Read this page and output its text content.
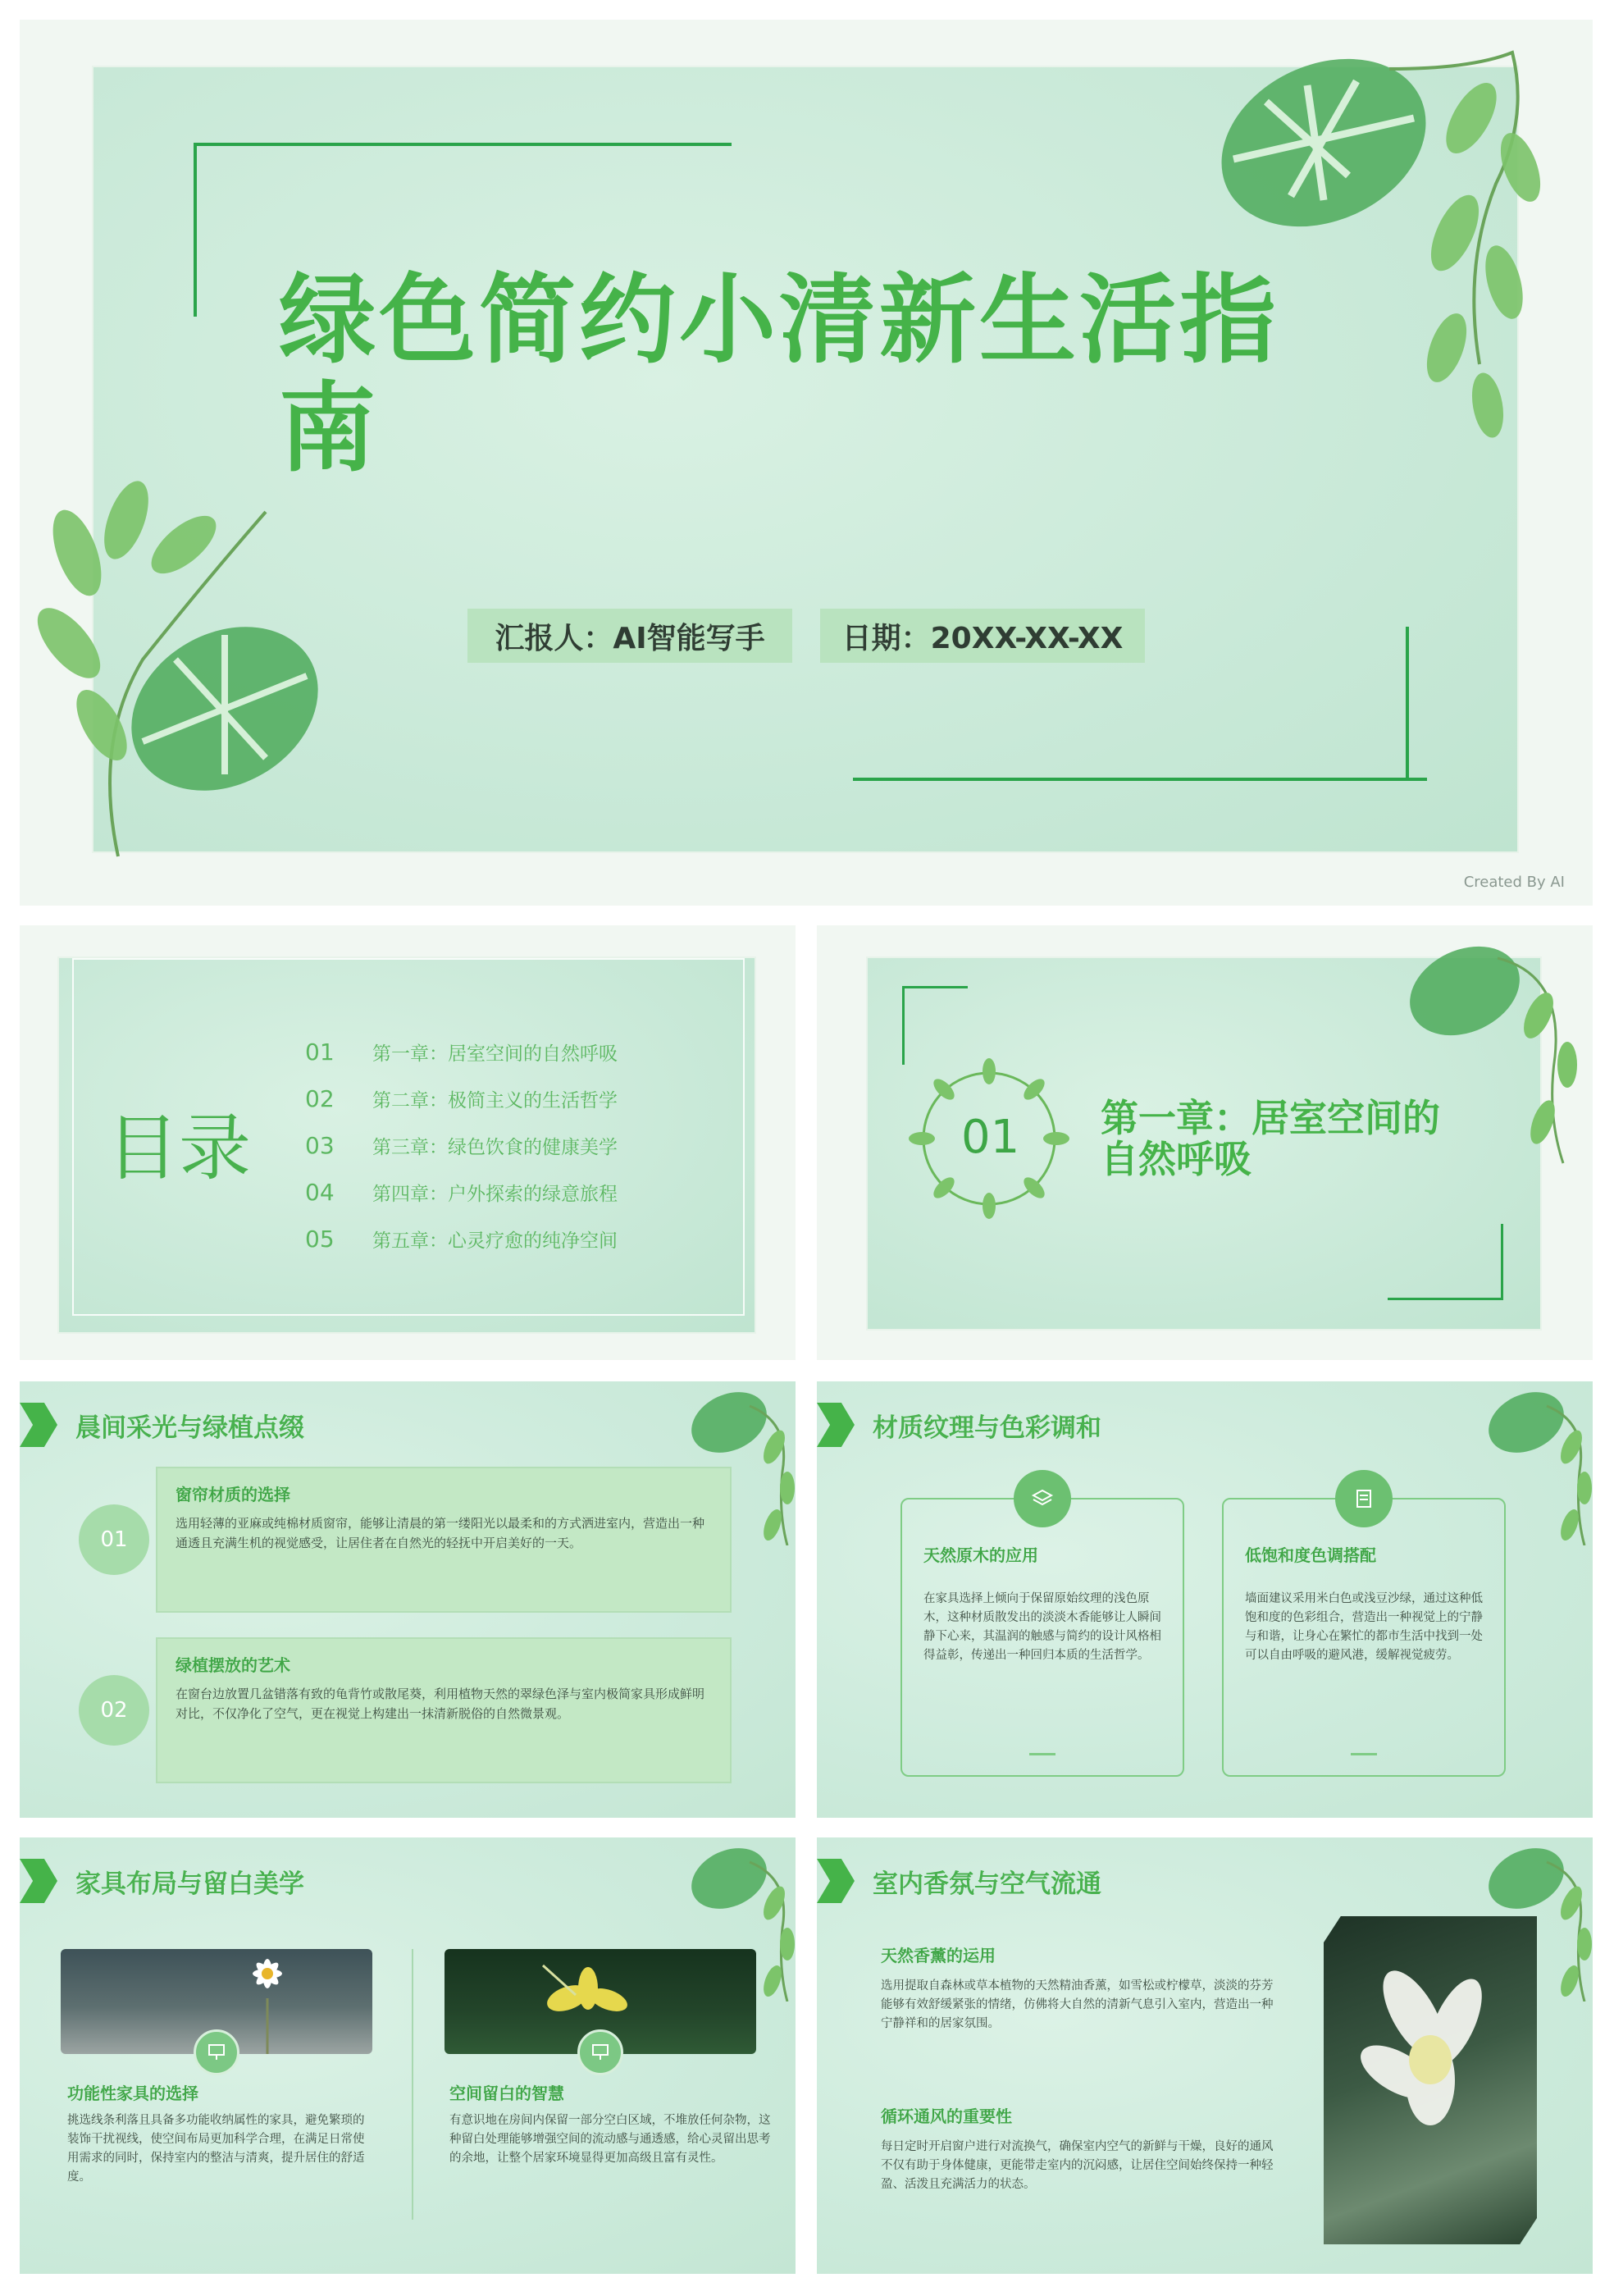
绿色简约小清新生活指南
汇报人：AI智能写手	日期：20XX-XX-XX
Created By AI
目录
01 第一章：居室空间的自然呼吸
02 第二章：极简主义的生活哲学
03 第三章：绿色饮食的健康美学
04 第四章：户外探索的绿意旅程
05 第五章：心灵疗愈的纯净空间
01 第一章：居室空间的
自然呼吸
晨间采光与绿植点缀
窗帘材质的选择

选用轻薄的亚麻或纯棉材质窗帘，能够让清晨的第一缕阳光以最柔和的方式洒进室内，营造出一种通透且充满生机的视觉感受，让居住者在自然光的轻抚中开启美好的一天。

01
绿植摆放的艺术

在窗台边放置几盆错落有致的龟背竹或散尾葵，利用植物天然的翠绿色泽与室内极简家具形成鲜明对比，不仅净化了空气，更在视觉上构建出一抹清新脱俗的自然微景观。

02
材质纹理与色彩调和
天然原木的应用

在家具选择上倾向于保留原始纹理的浅色原木，这种材质散发出的淡淡木香能够让人瞬间静下心来，其温润的触感与简约的设计风格相得益彰，传递出一种回归本质的生活哲学。

低饱和度色调搭配

墙面建议采用米白色或浅豆沙绿，通过这种低饱和度的色彩组合，营造出一种视觉上的宁静与和谐，让身心在繁忙的都市生活中找到一处可以自由呼吸的避风港，缓解视觉疲劳。

家具布局与留白美学
功能性家具的选择
挑选线条利落且具备多功能收纳属性的家具，避免繁琐的装饰干扰视线，使空间布局更加科学合理，在满足日常使用需求的同时，保持室内的整洁与清爽，提升居住的舒适度。
空间留白的智慧
有意识地在房间内保留一部分空白区域，不堆放任何杂物，这种留白处理能够增强空间的流动感与通透感，给心灵留出思考的余地，让整个居家环境显得更加高级且富有灵性。
室内香氛与空气流通
天然香薰的运用
选用提取自森林或草本植物的天然精油香薰，如雪松或柠檬草，淡淡的芬芳能够有效舒缓紧张的情绪，仿佛将大自然的清新气息引入室内，营造出一种宁静祥和的居家氛围。
循环通风的重要性
每日定时开启窗户进行对流换气，确保室内空气的新鲜与干燥，良好的通风不仅有助于身体健康，更能带走室内的沉闷感，让居住空间始终保持一种轻盈、活泼且充满活力的状态。
